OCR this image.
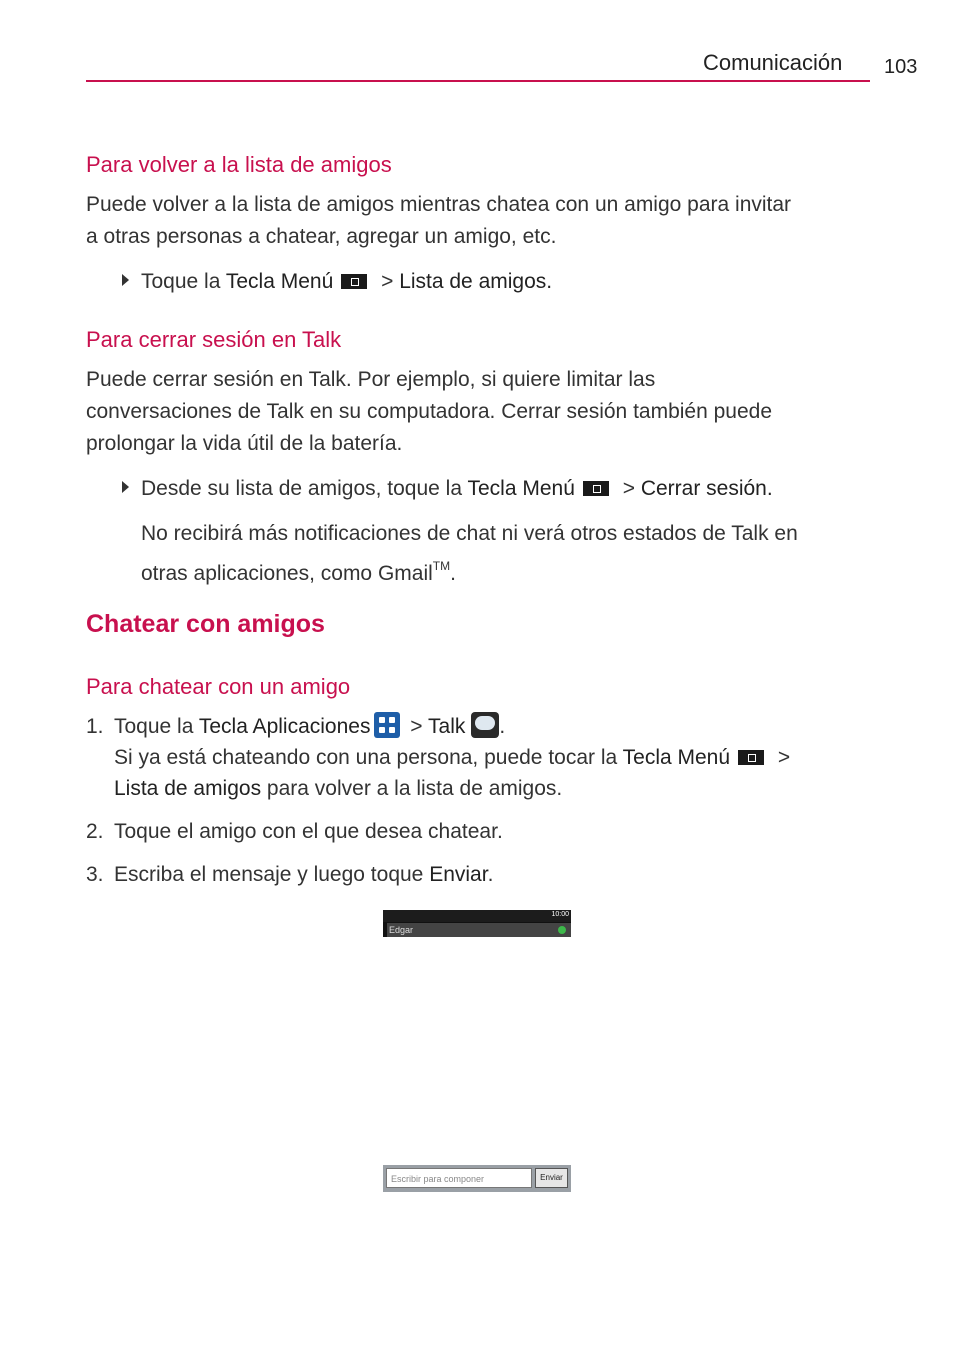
Comunicación 103
Para volver a la lista de amigos
Puede volver a la lista de amigos mientras chatea con un amigo para invitar
a otras personas a chatear, agregar un amigo, etc.
Toque la Tecla Menú > Lista de amigos.
Para cerrar sesión en Talk
Puede cerrar sesión en Talk. Por ejemplo, si quiere limitar las
conversaciones de Talk en su computadora. Cerrar sesión también puede
prolongar la vida útil de la batería.
Desde su lista de amigos, toque la Tecla Menú > Cerrar sesión.
No recibirá más notificaciones de chat ni verá otros estados de Talk en
otras aplicaciones, como Gmail™.
Chatear con amigos
Para chatear con un amigo
1. Toque la Tecla Aplicaciones
> Talk .
Si ya está chateando con una persona, puede tocar la Tecla Menú >
Lista de amigos para volver a la lista de amigos.
2. Toque el amigo con el que desea chatear.
3. Escriba el mensaje y luego toque Enviar.
10:00
Edgar
Escribir para componer	Enviar
